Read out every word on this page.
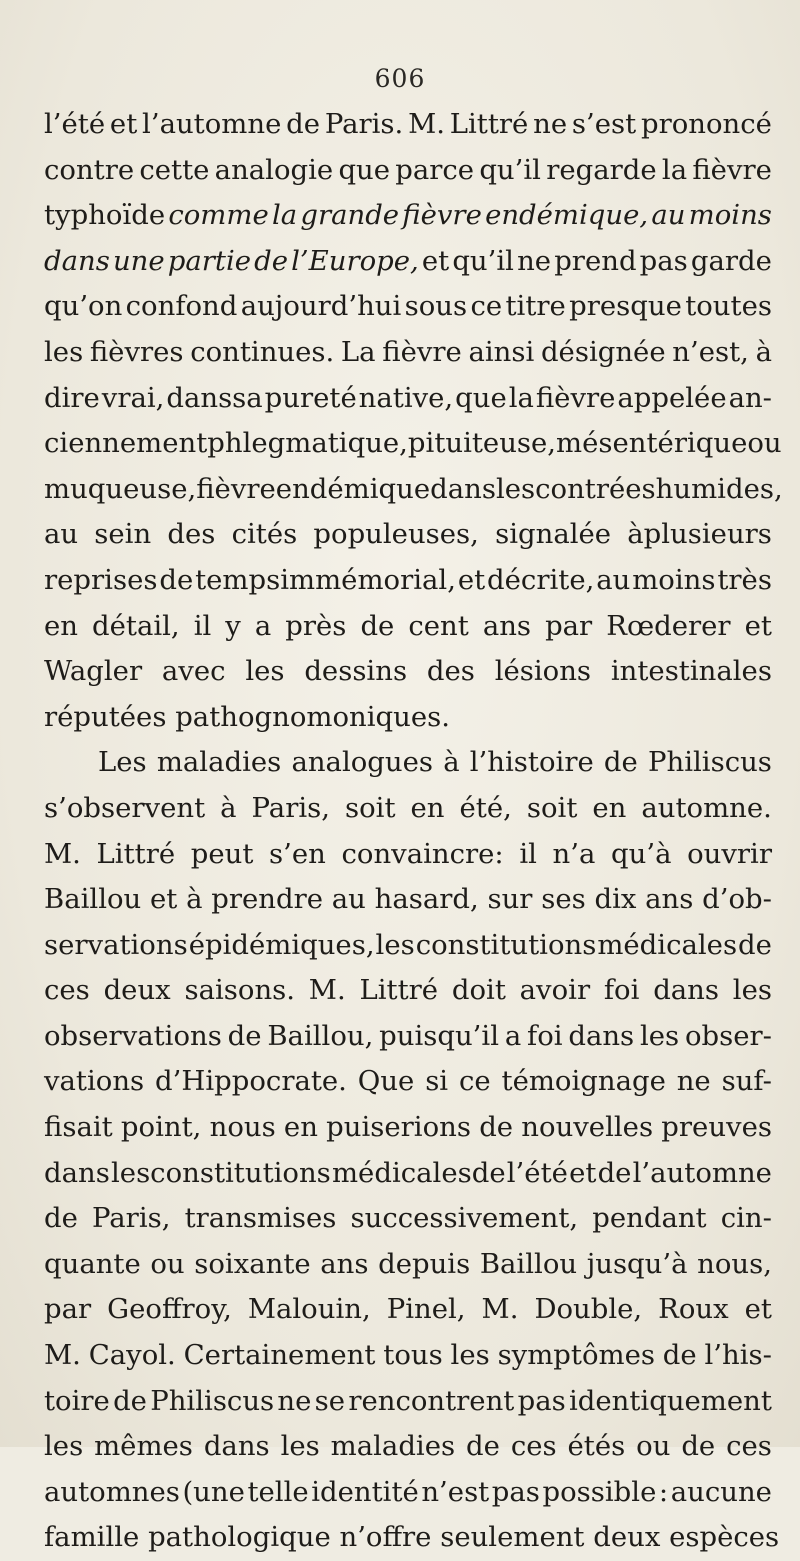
606
l’été et l’automne de Paris. M. Littré ne s’est prononcé
contre cette analogie que parce qu’il regarde la fièvre
typhoïde comme la grande fièvre endémique, au moins
dans une partie de l’Europe, et qu’il ne prend pas garde
qu’on confond aujourd’hui sous ce titre presque toutes
les fièvres continues. La fièvre ainsi désignée n’est, à
dire vrai, danssa pureté native, que la fièvre appelée an-
ciennement phlegmatique, pituiteuse, mésentérique ou
muqueuse, fièvre endémique dans les contrées humides,
au sein des cités populeuses, signalée àplusieurs
reprises de tempsimmémorial, et décrite, au moins très
en détail, il y a près de cent ans par Rœderer et
Wagler avec les dessins des lésions intestinales
réputées
pathognomoniques.

Les maladies analogues à l’histoire de Philiscus
s’observent à Paris, soit en été, soit en automne.
M. Littré peut s’en convaincre: il n’a qu’à ouvrir
Baillou et à prendre au hasard, sur ses dix ans d’ob-
servations épidémiques, les constitutions médicales de
ces deux saisons. M. Littré doit avoir foi dans les
observations de Baillou, puisqu’il a foi dans les obser-
vations d’Hippocrate. Que si ce témoignage ne suf-
fisait point, nous en puiserions de nouvelles preuves
dans lesconstitutions médicalesde l’été et de l’automne
de Paris, transmises successivement, pendant cin-
quante ou soixante ans depuis Baillou jusqu’à nous,
par Geoffroy, Malouin, Pinel, M. Double, Roux et
M. Cayol. Certainement tous les symptômes de l’his-
toire de Philiscus ne se rencontrent pas identiquement
les mêmes dans les maladies de ces étés ou de ces
automnes (une telle identité n’est pas possible : aucune
famille
pathologique
n’offre
seulement
deux
espèces
